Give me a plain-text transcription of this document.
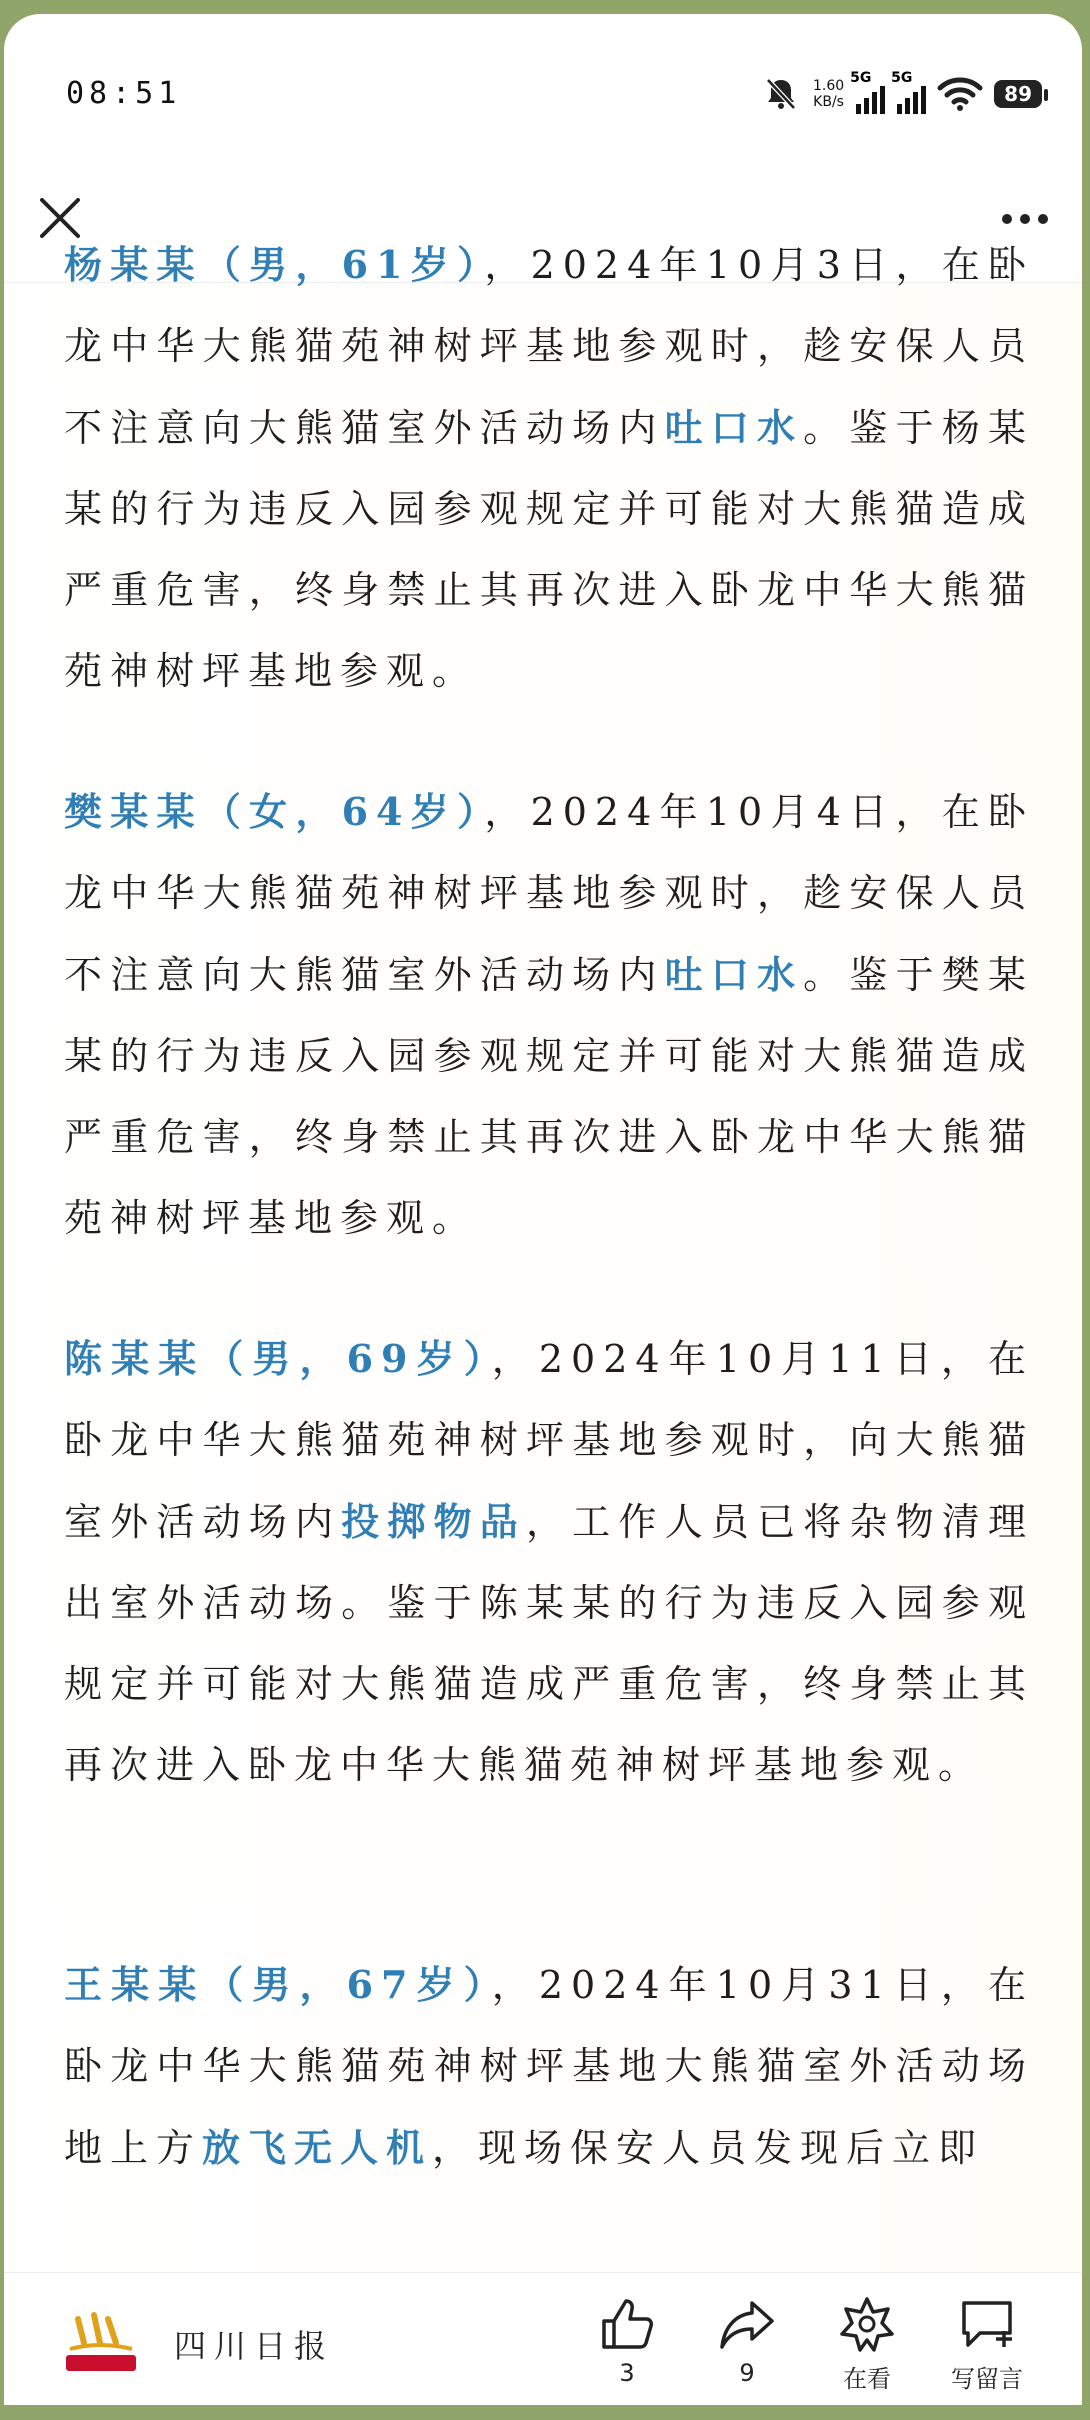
08:51	1.60
KB/s
5G 5G
89

杨某某（男，61岁），2024年10月3日，在卧龙中华大熊猫苑神树坪基地参观时，趁安保人员不注意向大熊猫室外活动场内吐口水。鉴于杨某某的行为违反入园参观规定并可能对大熊猫造成严重危害，终身禁止其再次进入卧龙中华大熊猫苑神树坪基地参观。

樊某某（女，64岁），2024年10月4日，在卧龙中华大熊猫苑神树坪基地参观时，趁安保人员不注意向大熊猫室外活动场内吐口水。鉴于樊某某的行为违反入园参观规定并可能对大熊猫造成严重危害，终身禁止其再次进入卧龙中华大熊猫苑神树坪基地参观。

陈某某（男，69岁），2024年10月11日，在卧龙中华大熊猫苑神树坪基地参观时，向大熊猫室外活动场内投掷物品，工作人员已将杂物清理出室外活动场。鉴于陈某某的行为违反入园参观规定并可能对大熊猫造成严重危害，终身禁止其再次进入卧龙中华大熊猫苑神树坪基地参观。

王某某（男，67岁），2024年10月31日，在卧龙中华大熊猫苑神树坪基地大熊猫室外活动场地上方放飞无人机，现场保安人员发现后立即

四川日报
3	9	在看	写留言
